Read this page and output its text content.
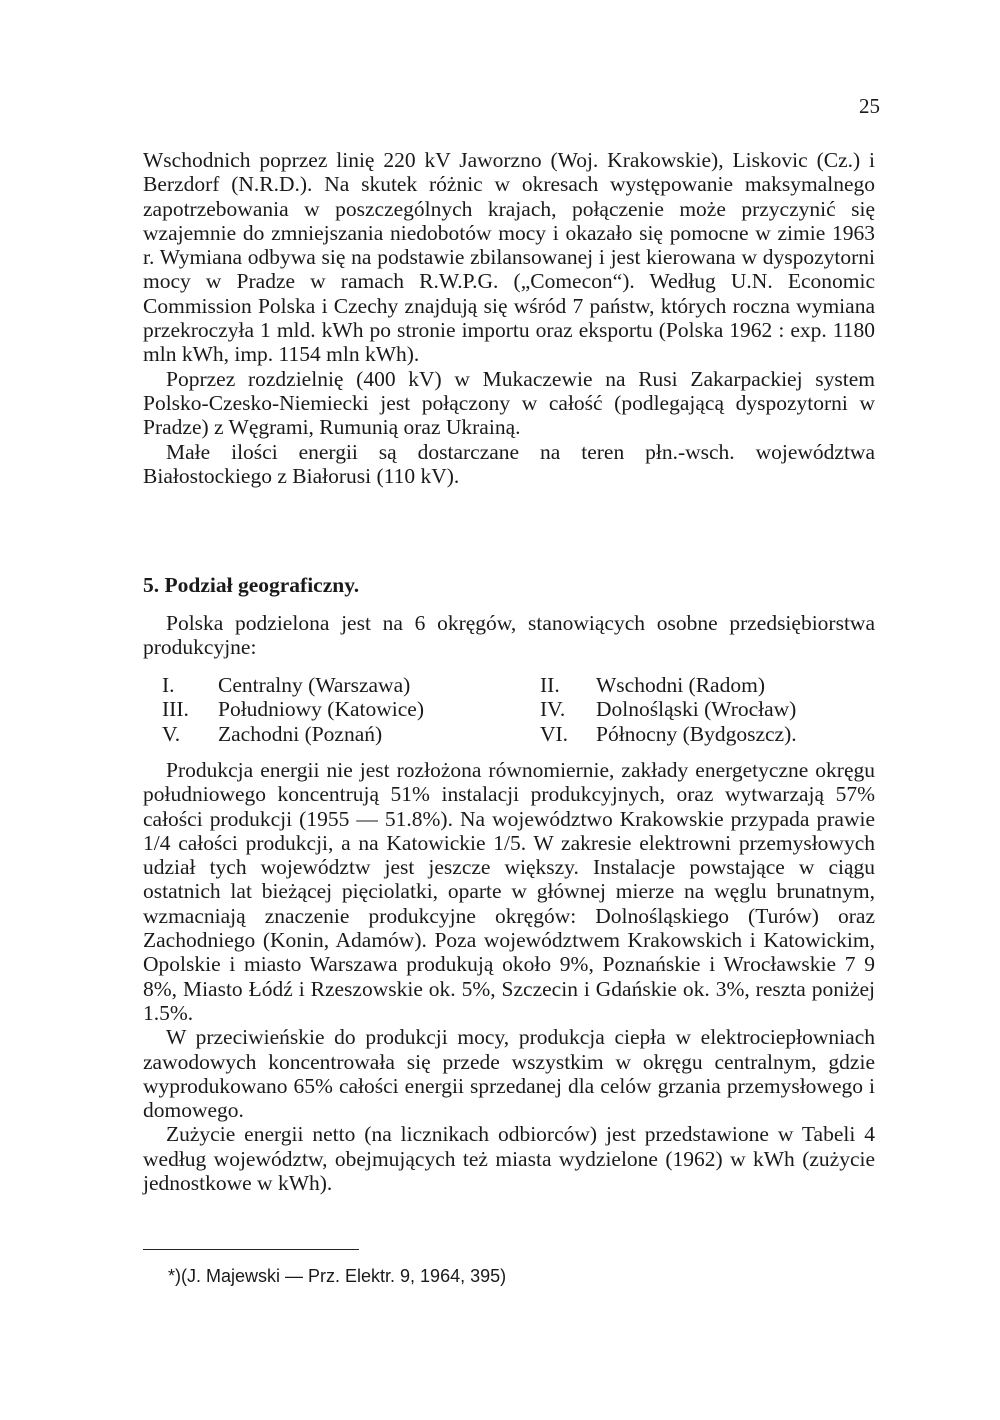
25

Wschodnich poprzez linię 220 kV Jaworzno (Woj. Krakowskie), Liskovic (Cz.) i Berzdorf (N.R.D.). Na skutek różnic w okresach występowanie maksymalnego zapotrzebowania w poszczególnych krajach, połączenie może przyczynić się wzajemnie do zmniejszania niedobotów mocy i okazało się pomocne w zimie 1963 r. Wymiana odbywa się na podstawie zbilansowanej i jest kierowana w dyspozytorni mocy w Pradze w ramach R.W.P.G. („Comecon“). Według U.N. Economic Commission Polska i Czechy znajdują się wśród 7 państw, których roczna wymiana przekroczyła 1 mld. kWh po stronie importu oraz eksportu (Polska 1962 : exp. 1180 mln kWh, imp. 1154 mln kWh).

Poprzez rozdzielnię (400 kV) w Mukaczewie na Rusi Zakarpackiej system Polsko-Czesko-Niemiecki jest połączony w całość (podlegającą dyspozytorni w Pradze) z Węgrami, Rumunią oraz Ukrainą.

Małe ilości energii są dostarczane na teren płn.-wsch. województwa Białostockiego z Białorusi (110 kV).

5. Podział geograficzny.

Polska podzielona jest na 6 okręgów, stanowiących osobne przedsiębiorstwa produkcyjne:

I. Centralny (Warszawa)	II. Wschodni (Radom)
III. Południowy (Katowice)	IV. Dolnośląski (Wrocław)
V. Zachodni (Poznań)	VI. Północny (Bydgoszcz).

Produkcja energii nie jest rozłożona równomiernie, zakłady energetyczne okręgu południowego koncentrują 51% instalacji produkcyjnych, oraz wytwarzają 57% całości produkcji (1955 — 51.8%). Na województwo Krakowskie przypada prawie 1/4 całości produkcji, a na Katowickie 1/5. W zakresie elektrowni przemysłowych udział tych województw jest jeszcze większy. Instalacje powstające w ciągu ostatnich lat bieżącej pięciolatki, oparte w głównej mierze na węglu brunatnym, wzmacniają znaczenie produkcyjne okręgów: Dolnośląskiego (Turów) oraz Zachodniego (Konin, Adamów). Poza województwem Krakowskich i Katowickim, Opolskie i miasto Warszawa produkują około 9%, Poznańskie i Wrocławskie 7 9 8%, Miasto Łódź i Rzeszowskie ok. 5%, Szczecin i Gdańskie ok. 3%, reszta poniżej 1.5%.

W przeciwieńskie do produkcji mocy, produkcja ciepła w elektrociepłowniach zawodowych koncentrowała się przede wszystkim w okręgu centralnym, gdzie wyprodukowano 65% całości energii sprzedanej dla celów grzania przemysłowego i domowego.

Zużycie energii netto (na licznikach odbiorców) jest przedstawione w Tabeli 4 według województw, obejmujących też miasta wydzielone (1962) w kWh (zużycie jednostkowe w kWh).

*)(J. Majewski — Prz. Elektr. 9, 1964, 395)
